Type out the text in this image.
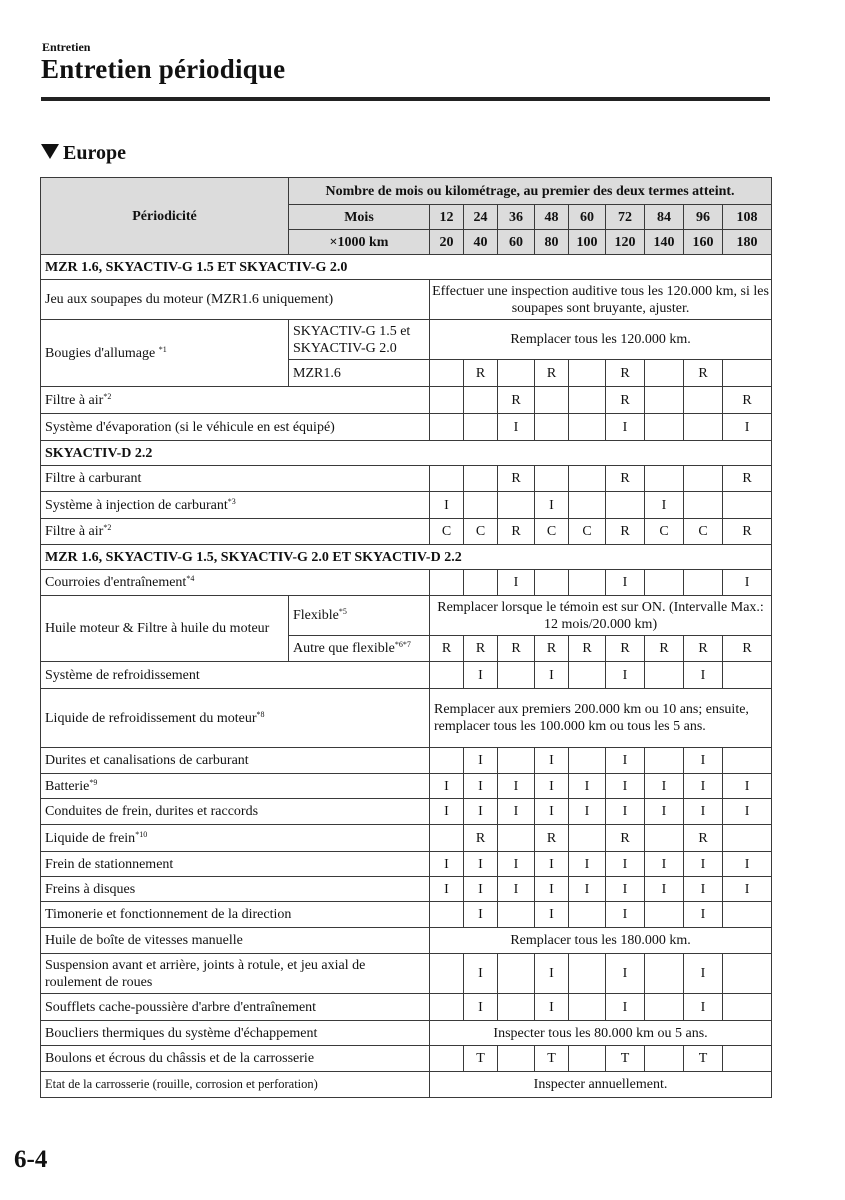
Entretien
Entretien périodique
Europe
Périodicité	Nombre de mois ou kilométrage, au premier des deux termes atteint.									
	Mois	12	24	36	48	60	72	84	96	108
	×1000 km	20	40	60	80	100	120	140	160	180
MZR 1.6, SKYACTIV-G 1.5 ET SKYACTIV-G 2.0										
Jeu aux soupapes du moteur (MZR1.6 uniquement)		Effectuer une inspection auditive tous les 120.000 km, si les soupapes sont bruyante, ajuster.								
Bougies d'allumage $^{*1}$	SKYACTIV-G 1.5 et SKYACTIV-G 2.0	Remplacer tous les 120.000 km.								
	MZR1.6		R		R		R		R	
Filtre à air$^{*2}$				R			R			R
Système d'évaporation (si le véhicule en est équipé)				I			I			I
SKYACTIV-D 2.2										
Filtre à carburant				R			R			R
Système à injection de carburant$^{*3}$		I			I			I		
Filtre à air$^{*2}$		C	C	R	C	C	R	C	C	R
MZR 1.6, SKYACTIV-G 1.5, SKYACTIV-G 2.0 ET SKYACTIV-D 2.2										
Courroies d'entraînement$^{*4}$				I			I			I
Huile moteur & Filtre à huile du moteur	Flexible$^{*5}$	Remplacer lorsque le témoin est sur ON. (Intervalle Max.: 12 mois/20.000 km)								
	Autre que flexible$^{*6*7}$	R	R	R	R	R	R	R	R	R
Système de refroidissement			I		I		I		I	
Liquide de refroidissement du moteur$^{*8}$		Remplacer aux premiers 200.000 km ou 10 ans; ensuite, remplacer tous les 100.000 km ou tous les 5 ans.								
Durites et canalisations de carburant			I		I		I		I	
Batterie$^{*9}$		I	I	I	I	I	I	I	I	I
Conduites de frein, durites et raccords		I	I	I	I	I	I	I	I	I
Liquide de frein$^{*10}$			R		R		R		R	
Frein de stationnement		I	I	I	I	I	I	I	I	I
Freins à disques		I	I	I	I	I	I	I	I	I
Timonerie et fonctionnement de la direction			I		I		I		I	
Huile de boîte de vitesses manuelle		Remplacer tous les 180.000 km.								
Suspension avant et arrière, joints à rotule, et jeu axial de roulement de roues			I		I		I		I	
Soufflets cache-poussière d'arbre d'entraînement			I		I		I		I	
Boucliers thermiques du système d'échappement		Inspecter tous les 80.000 km ou 5 ans.								
Boulons et écrous du châssis et de la carrosserie			T		T		T		T	
Etat de la carrosserie (rouille, corrosion et perforation)		Inspecter annuellement.								
6-4
